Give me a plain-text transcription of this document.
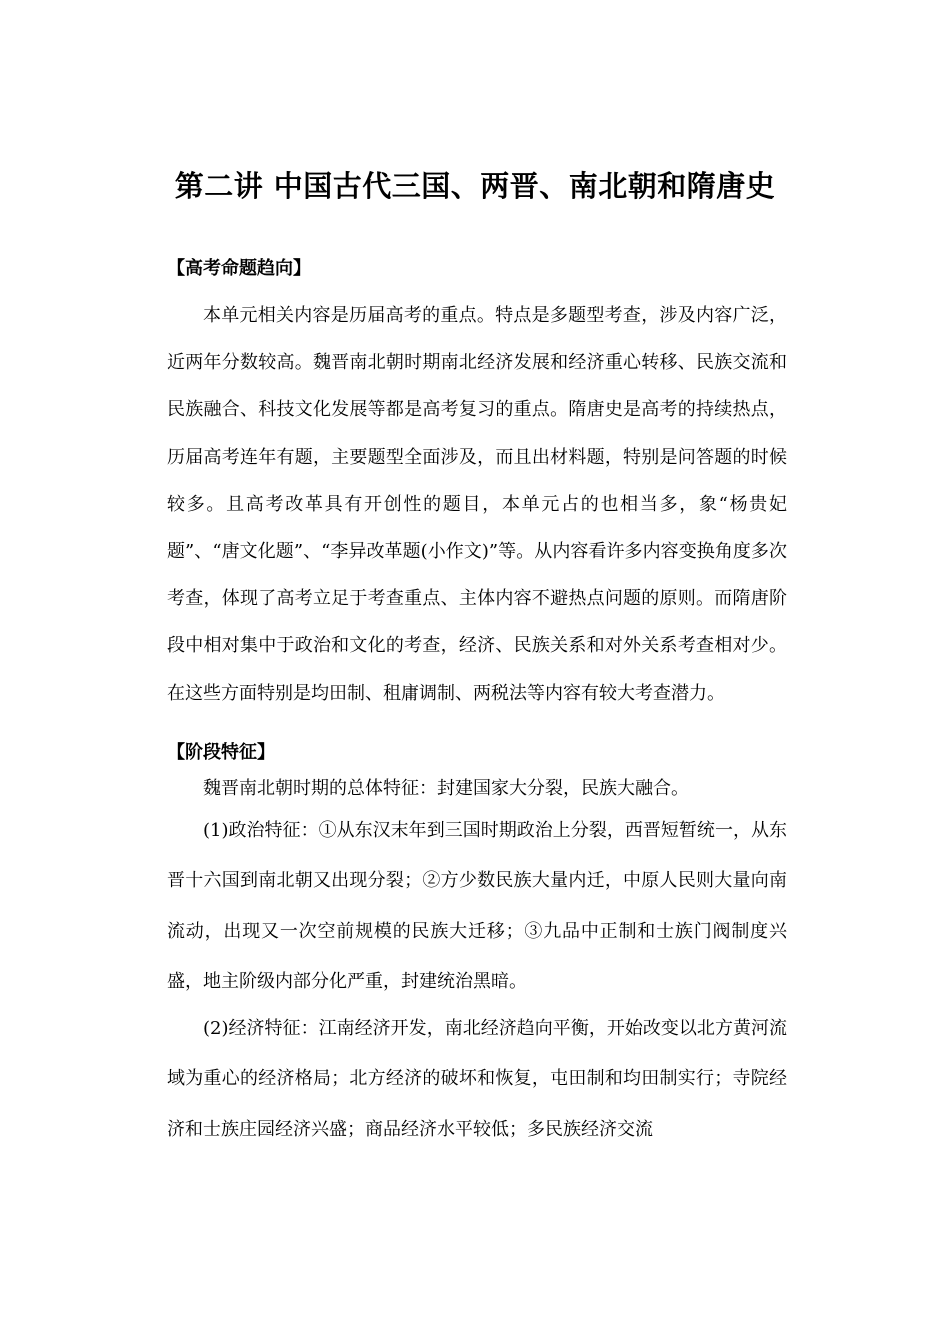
第二讲 中国古代三国、两晋、南北朝和隋唐史
【高考命题趋向】

本单元相关内容是历届高考的重点。特点是多题型考查，涉及内容广泛，近两年分数较高。魏晋南北朝时期南北经济发展和经济重心转移、民族交流和民族融合、科技文化发展等都是高考复习的重点。隋唐史是高考的持续热点，历届高考连年有题，主要题型全面涉及，而且出材料题，特别是问答题的时候较多。且高考改革具有开创性的题目，本单元占的也相当多，象“杨贵妃题”、“唐文化题”、“李异改革题(小作文)”等。从内容看许多内容变换角度多次考查，体现了高考立足于考查重点、主体内容不避热点问题的原则。而隋唐阶段中相对集中于政治和文化的考查，经济、民族关系和对外关系考查相对少。在这些方面特别是均田制、租庸调制、两税法等内容有较大考查潜力。

【阶段特征】

魏晋南北朝时期的总体特征：封建国家大分裂，民族大融合。

(1)政治特征：①从东汉末年到三国时期政治上分裂，西晋短暂统一，从东晋十六国到南北朝又出现分裂；②方少数民族大量内迁，中原人民则大量向南流动，出现又一次空前规模的民族大迁移；③九品中正制和士族门阀制度兴盛，地主阶级内部分化严重，封建统治黑暗。

(2)经济特征：江南经济开发，南北经济趋向平衡，开始改变以北方黄河流域为重心的经济格局；北方经济的破坏和恢复，屯田制和均田制实行；寺院经济和士族庄园经济兴盛；商品经济水平较低；多民族经济交流
